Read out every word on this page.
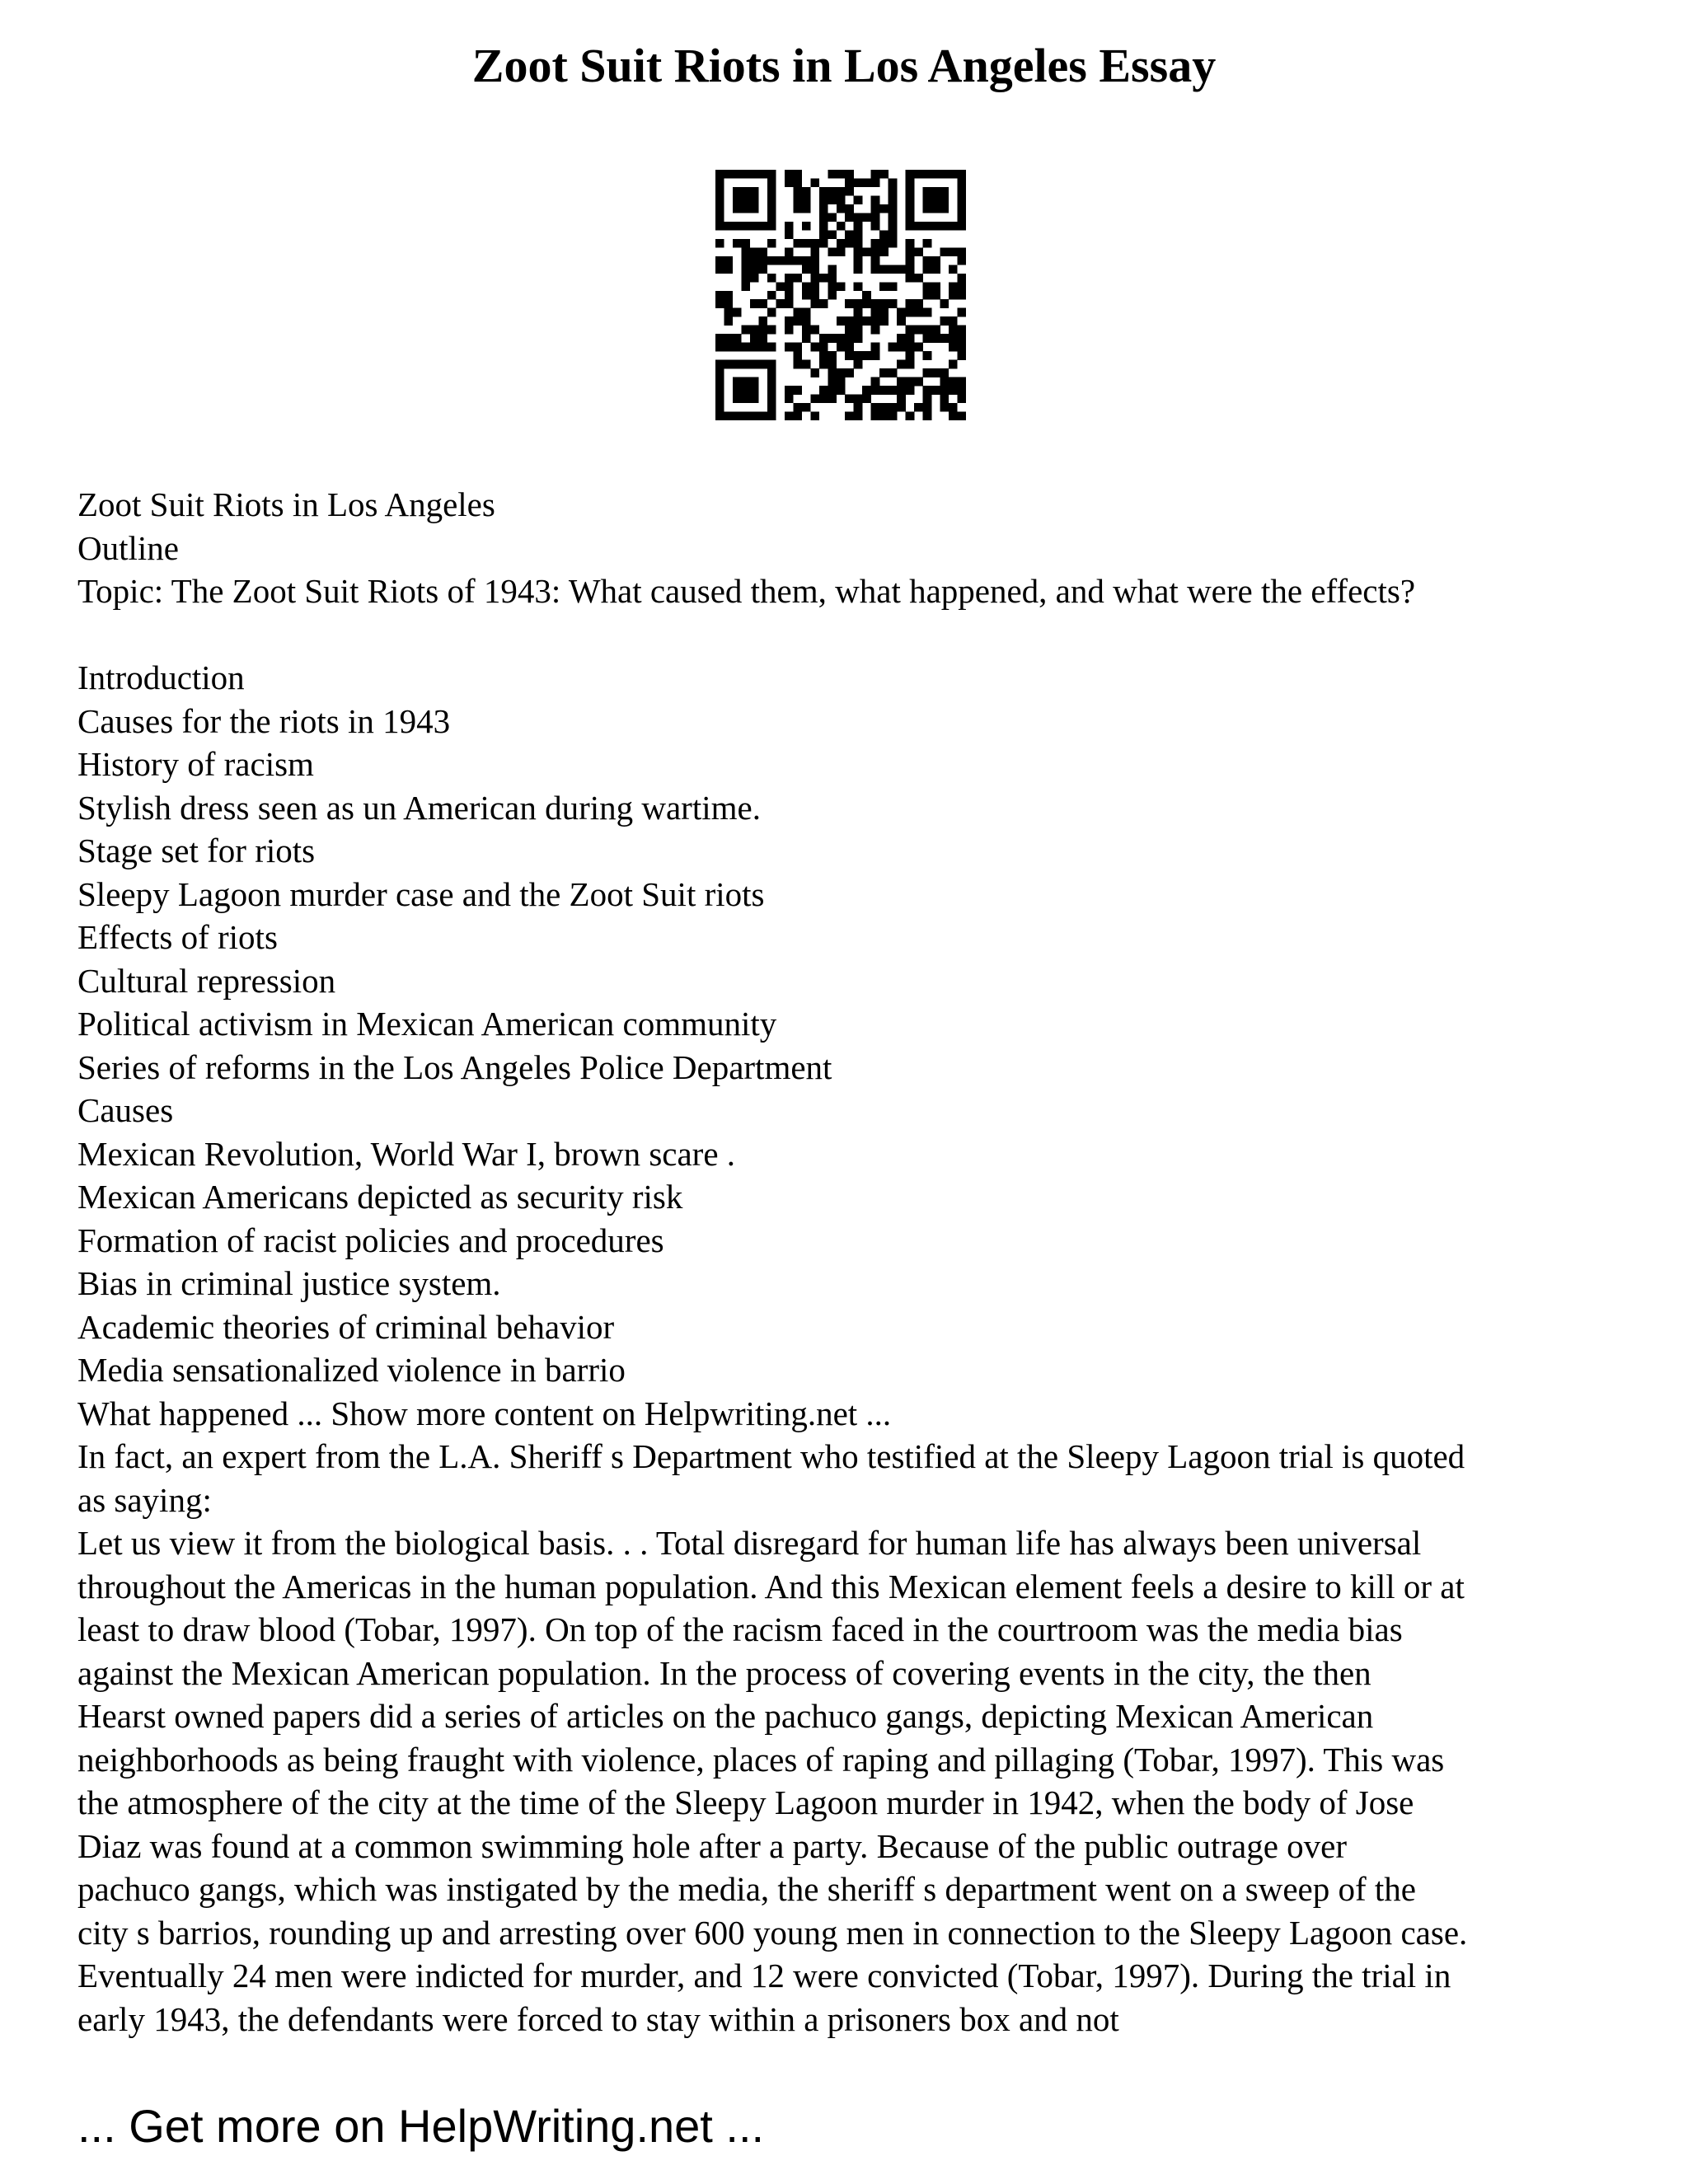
Zoot Suit Riots in Los Angeles Essay
Zoot Suit Riots in Los Angeles
Outline
Topic: The Zoot Suit Riots of 1943: What caused them, what happened, and what were the effects?
Introduction
Causes for the riots in 1943
History of racism
Stylish dress seen as un American during wartime.
Stage set for riots
Sleepy Lagoon murder case and the Zoot Suit riots
Effects of riots
Cultural repression
Political activism in Mexican American community
Series of reforms in the Los Angeles Police Department
Causes
Mexican Revolution, World War I, brown scare .
Mexican Americans depicted as security risk
Formation of racist policies and procedures
Bias in criminal justice system.
Academic theories of criminal behavior
Media sensationalized violence in barrio
What happened ... Show more content on Helpwriting.net ...
In fact, an expert from the L.A. Sheriff s Department who testified at the Sleepy Lagoon trial is quoted
as saying:
Let us view it from the biological basis. . . Total disregard for human life has always been universal
throughout the Americas in the human population. And this Mexican element feels a desire to kill or at
least to draw blood (Tobar, 1997). On top of the racism faced in the courtroom was the media bias
against the Mexican American population. In the process of covering events in the city, the then
Hearst owned papers did a series of articles on the pachuco gangs, depicting Mexican American
neighborhoods as being fraught with violence, places of raping and pillaging (Tobar, 1997). This was
the atmosphere of the city at the time of the Sleepy Lagoon murder in 1942, when the body of Jose
Diaz was found at a common swimming hole after a party. Because of the public outrage over
pachuco gangs, which was instigated by the media, the sheriff s department went on a sweep of the
city s barrios, rounding up and arresting over 600 young men in connection to the Sleepy Lagoon case.
Eventually 24 men were indicted for murder, and 12 were convicted (Tobar, 1997). During the trial in
early 1943, the defendants were forced to stay within a prisoners box and not
... Get more on HelpWriting.net ...
